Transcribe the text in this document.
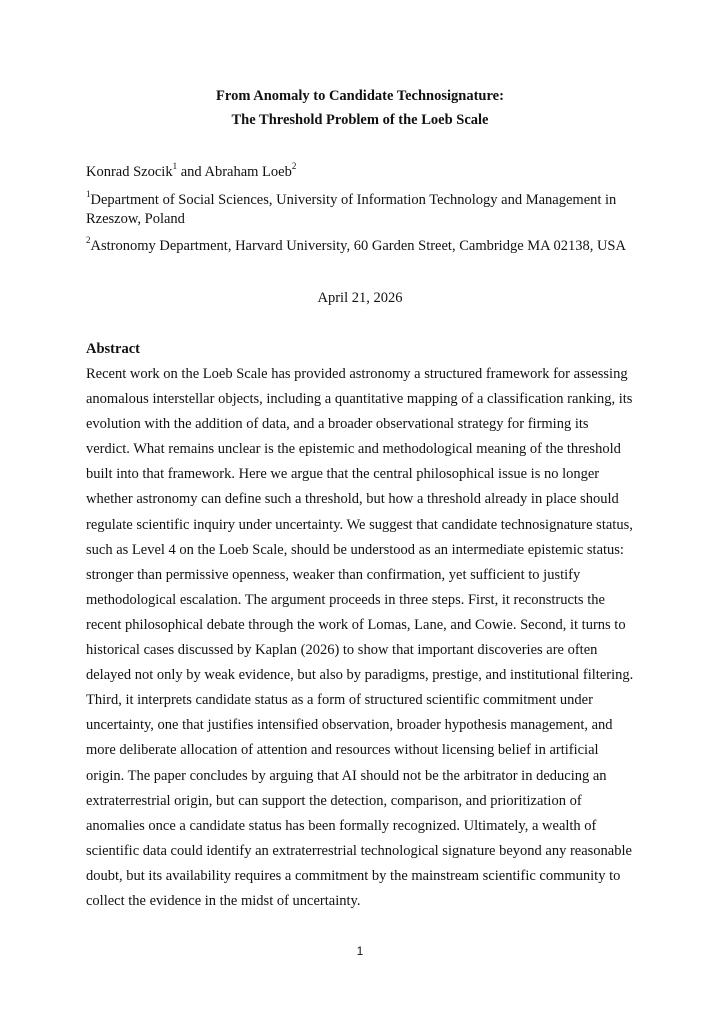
From Anomaly to Candidate Technosignature:
The Threshold Problem of the Loeb Scale

Konrad Szocik$^1$ and Abraham Loeb$^2$

$^1$Department of Social Sciences, University of Information Technology and Management in Rzeszow, Poland

$^2$Astronomy Department, Harvard University, 60 Garden Street, Cambridge MA 02138, USA

April 21, 2026

Abstract

Recent work on the Loeb Scale has provided astronomy a structured framework for assessing
anomalous interstellar objects, including a quantitative mapping of a classification ranking, its
evolution with the addition of data, and a broader observational strategy for firming its
verdict. What remains unclear is the epistemic and methodological meaning of the threshold
built into that framework. Here we argue that the central philosophical issue is no longer
whether astronomy can define such a threshold, but how a threshold already in place should
regulate scientific inquiry under uncertainty. We suggest that candidate technosignature status,
such as Level 4 on the Loeb Scale, should be understood as an intermediate epistemic status:
stronger than permissive openness, weaker than confirmation, yet sufficient to justify
methodological escalation. The argument proceeds in three steps. First, it reconstructs the
recent philosophical debate through the work of Lomas, Lane, and Cowie. Second, it turns to
historical cases discussed by Kaplan (2026) to show that important discoveries are often
delayed not only by weak evidence, but also by paradigms, prestige, and institutional filtering.
Third, it interprets candidate status as a form of structured scientific commitment under
uncertainty, one that justifies intensified observation, broader hypothesis management, and
more deliberate allocation of attention and resources without licensing belief in artificial
origin. The paper concludes by arguing that AI should not be the arbitrator in deducing an
extraterrestrial origin, but can support the detection, comparison, and prioritization of
anomalies once a candidate status has been formally recognized. Ultimately, a wealth of
scientific data could identify an extraterrestrial technological signature beyond any reasonable
doubt, but its availability requires a commitment by the mainstream scientific community to
collect the evidence in the midst of uncertainty.

1
